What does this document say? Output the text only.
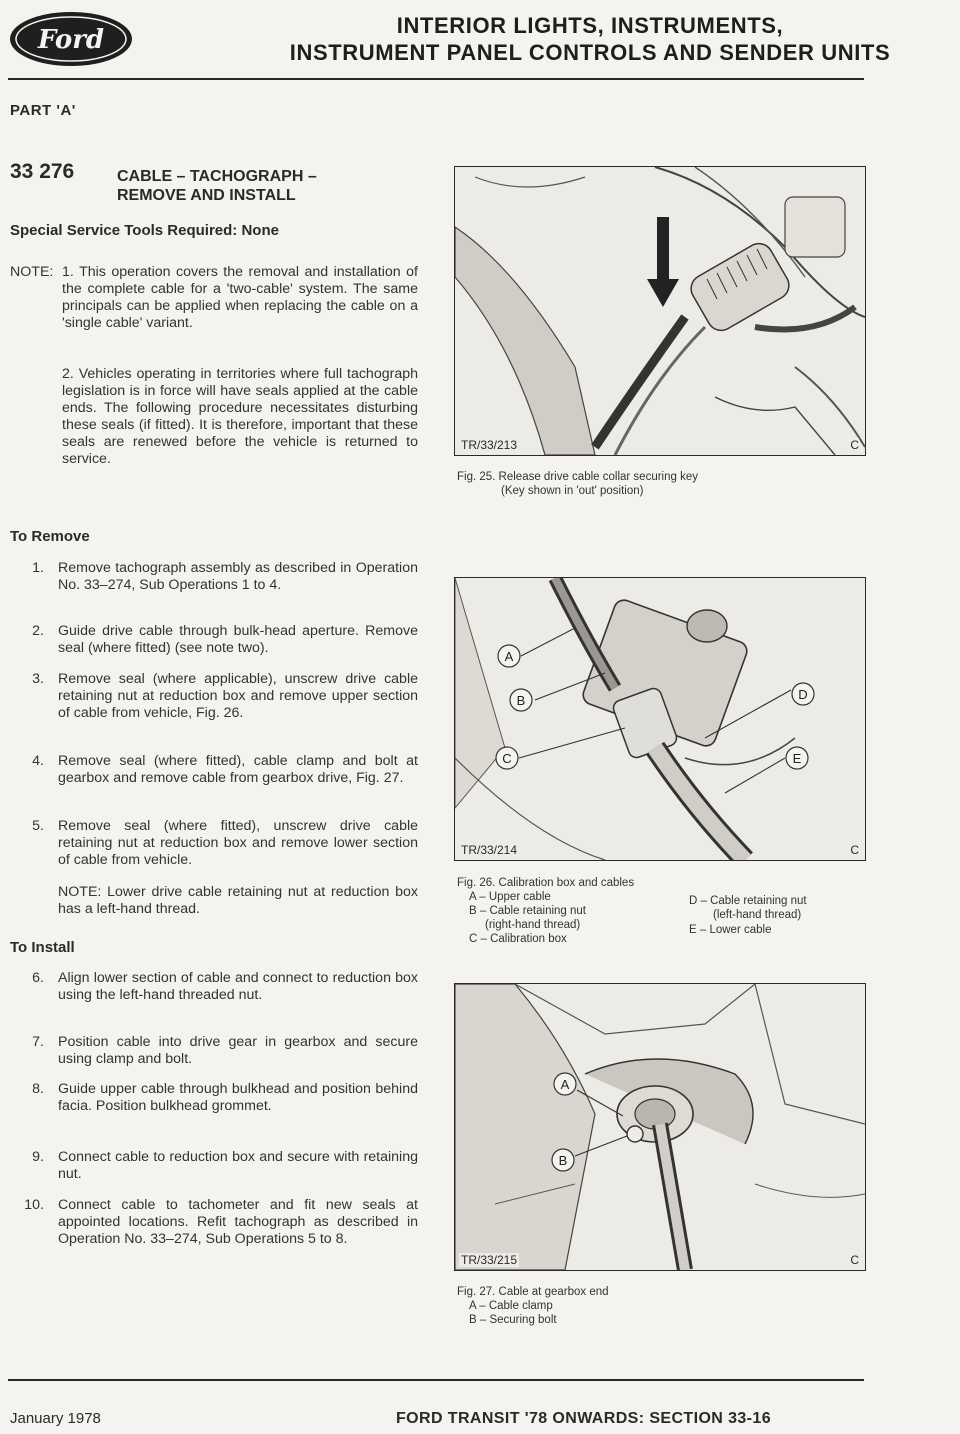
Ford	INTERIOR LIGHTS, INSTRUMENTS,
INSTRUMENT PANEL CONTROLS AND SENDER UNITS
PART 'A'
33 276	CABLE – TACHOGRAPH –
REMOVE AND INSTALL
Special Service Tools Required: None
NOTE: 1. This operation covers the removal and installation of the complete cable for a 'two-cable' system. The same principals can be applied when replacing the cable on a 'single cable' variant.
2. Vehicles operating in territories where full tachograph legislation is in force will have seals applied at the cable ends. The following procedure necessitates disturbing these seals (if fitted). It is therefore, important that these seals are renewed before the vehicle is returned to service.
To Remove
1. Remove tachograph assembly as described in Operation No. 33–274, Sub Operations 1 to 4.
2. Guide drive cable through bulk-head aperture. Remove seal (where fitted) (see note two).
3. Remove seal (where applicable), unscrew drive cable retaining nut at reduction box and remove upper section of cable from vehicle, Fig. 26.
4. Remove seal (where fitted), cable clamp and bolt at gearbox and remove cable from gearbox drive, Fig. 27.
5. Remove seal (where fitted), unscrew drive cable retaining nut at reduction box and remove lower section of cable from vehicle.
NOTE: Lower drive cable retaining nut at reduction box has a left-hand thread.
To Install
6. Align lower section of cable and connect to reduction box using the left-hand threaded nut.
7. Position cable into drive gear in gearbox and secure using clamp and bolt.
8. Guide upper cable through bulkhead and position behind facia. Position bulkhead grommet.
9. Connect cable to reduction box and secure with retaining nut.
10. Connect cable to tachometer and fit new seals at appointed locations. Refit tachograph as described in Operation No. 33–274, Sub Operations 5 to 8.
TR/33/213	C
Fig. 25. Release drive cable collar securing key
(Key shown in 'out' position)
A
B
C
D
E
TR/33/214	C
Fig. 26. Calibration box and cables
A – Upper cable
B – Cable retaining nut
(right-hand thread)
C – Calibration box
D – Cable retaining nut
(left-hand thread)
E – Lower cable
A
B
TR/33/215	C
Fig. 27. Cable at gearbox end
A – Cable clamp
B – Securing bolt
January 1978	FORD TRANSIT '78 ONWARDS: SECTION 33-16
